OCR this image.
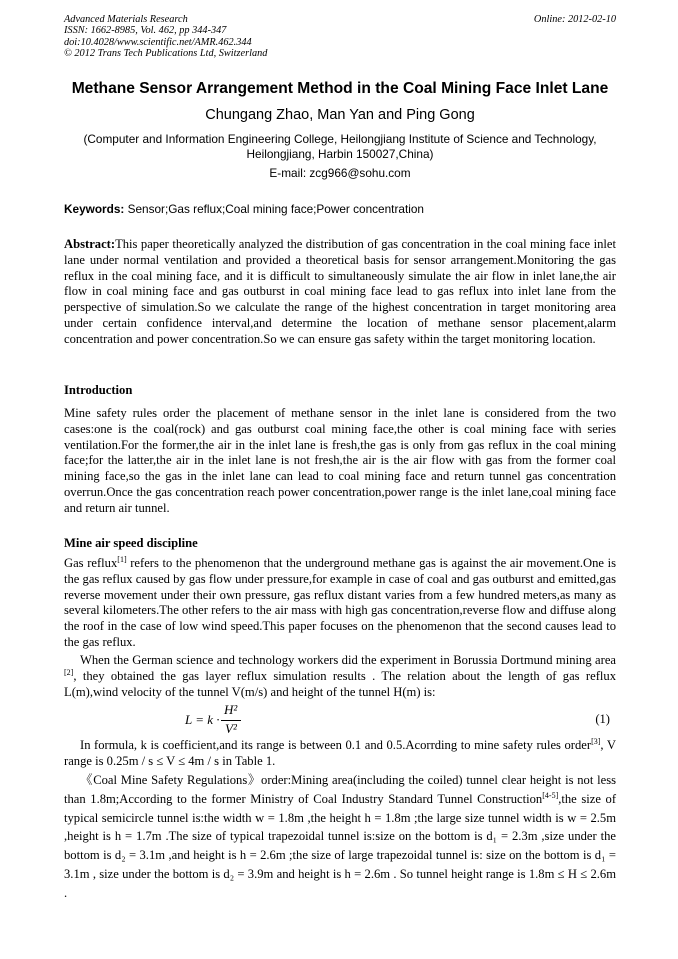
Advanced Materials Research
ISSN: 1662-8985, Vol. 462, pp 344-347
doi:10.4028/www.scientific.net/AMR.462.344
© 2012 Trans Tech Publications Ltd, Switzerland
Online: 2012-02-10
Methane Sensor Arrangement Method in the Coal Mining Face Inlet Lane
Chungang Zhao, Man Yan and Ping Gong
(Computer and Information Engineering College, Heilongjiang Institute of Science and Technology, Heilongjiang, Harbin 150027,China)
E-mail: zcg966@sohu.com
Keywords: Sensor;Gas reflux;Coal mining face;Power concentration
Abstract:This paper theoretically analyzed the distribution of gas concentration in the coal mining face inlet lane under normal ventilation and provided a theoretical basis for sensor arrangement.Monitoring the gas reflux in the coal mining face, and it is difficult to simultaneously simulate the air flow in inlet lane,the air flow in coal mining face and gas outburst in coal mining face lead to gas reflux into inlet lane from the perspective of simulation.So we calculate the range of the highest concentration in target monitoring area under certain confidence interval,and determine the location of methane sensor placement,alarm concentration and power concentration.So we can ensure gas safety within the target monitoring location.
Introduction
Mine safety rules order the placement of methane sensor in the inlet lane is considered from the two cases:one is the coal(rock) and gas outburst coal mining face,the other is coal mining face with series ventilation.For the former,the air in the inlet lane is fresh,the gas is only from gas reflux in the coal mining face;for the latter,the air in the inlet lane is not fresh,the air is the air flow with gas from the former coal mining face,so the gas in the inlet lane can lead to coal mining face and return tunnel gas concentration overrun.Once the gas concentration reach power concentration,power range is the inlet lane,coal mining face and return air tunnel.
Mine air speed discipline
Gas reflux[1] refers to the phenomenon that the underground methane gas is against the air movement.One is the gas reflux caused by gas flow under pressure,for example in case of coal and gas outburst and emitted,gas reverse movement under their own pressure, gas reflux distant varies from a few hundred meters,as many as several kilometers.The other refers to the air mass with high gas concentration,reverse flow and diffuse along the roof in the case of low wind speed.This paper focuses on the phenomenon that the second causes lead to the gas reflux.
When the German science and technology workers did the experiment in Borussia Dortmund mining area [2], they obtained the gas layer reflux simulation results . The relation about the length of gas reflux L(m),wind velocity of the tunnel V(m/s) and height of the tunnel H(m) is:
L = k ·
H²
V²
(1)
In formula, k is coefficient,and its range is between 0.1 and 0.5.Acorrding to mine safety rules order[3], V range is 0.25m / s ≤ V ≤ 4m / s in Table 1.
《Coal Mine Safety Regulations》order:Mining area(including the coiled) tunnel clear height is not less than 1.8m;According to the former Ministry of Coal Industry Standard Tunnel Construction[4-5],the size of typical semicircle tunnel is:the width w = 1.8m ,the height h = 1.8m ;the large size tunnel width is w = 2.5m ,height is h = 1.7m .The size of typical trapezoidal tunnel is:size on the bottom is d₁ = 2.3m ,size under the bottom is d₂ = 3.1m ,and height is h = 2.6m ;the size of large trapezoidal tunnel is: size on the bottom is d₁ = 3.1m , size under the bottom is d₂ = 3.9m and height is h = 2.6m . So tunnel height range is 1.8m ≤ H ≤ 2.6m .
